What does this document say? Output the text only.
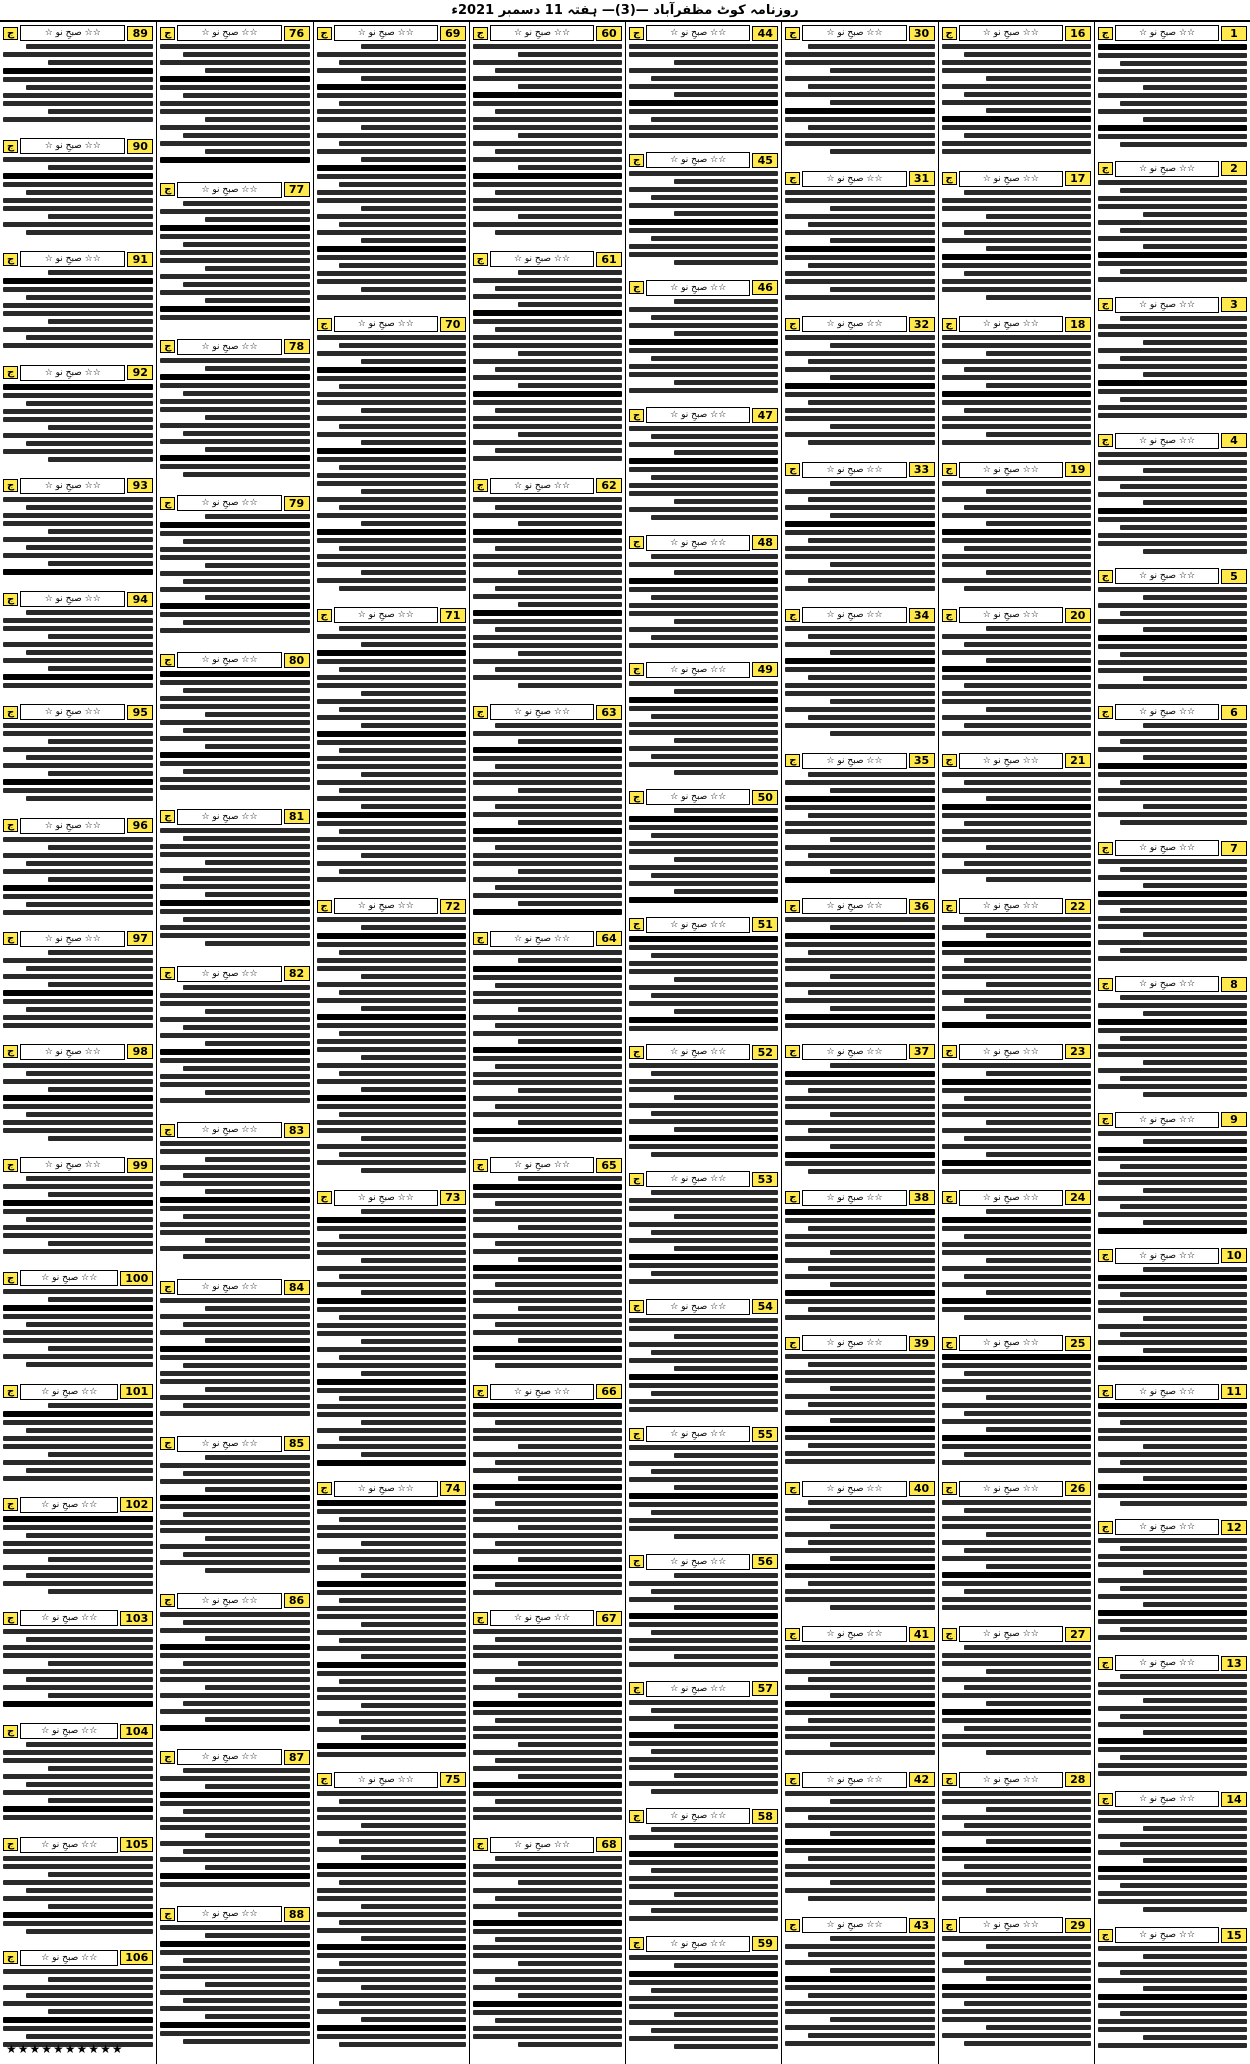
روزنامہ کوٹ مظفرآباد —(3)— ہفتہ 11 دسمبر 2021ء
1
☆☆ صبحِ نو ☆
ج
2
☆☆ صبحِ نو ☆
ج
3
☆☆ صبحِ نو ☆
ج
4
☆☆ صبحِ نو ☆
ج
5
☆☆ صبحِ نو ☆
ج
6
☆☆ صبحِ نو ☆
ج
7
☆☆ صبحِ نو ☆
ج
8
☆☆ صبحِ نو ☆
ج
9
☆☆ صبحِ نو ☆
ج
10
☆☆ صبحِ نو ☆
ج
11
☆☆ صبحِ نو ☆
ج
12
☆☆ صبحِ نو ☆
ج
13
☆☆ صبحِ نو ☆
ج
14
☆☆ صبحِ نو ☆
ج
15
☆☆ صبحِ نو ☆
ج
16
☆☆ صبحِ نو ☆
ج
17
☆☆ صبحِ نو ☆
ج
18
☆☆ صبحِ نو ☆
ج
19
☆☆ صبحِ نو ☆
ج
20
☆☆ صبحِ نو ☆
ج
21
☆☆ صبحِ نو ☆
ج
22
☆☆ صبحِ نو ☆
ج
23
☆☆ صبحِ نو ☆
ج
24
☆☆ صبحِ نو ☆
ج
25
☆☆ صبحِ نو ☆
ج
26
☆☆ صبحِ نو ☆
ج
27
☆☆ صبحِ نو ☆
ج
28
☆☆ صبحِ نو ☆
ج
29
☆☆ صبحِ نو ☆
ج
30
☆☆ صبحِ نو ☆
ج
31
☆☆ صبحِ نو ☆
ج
32
☆☆ صبحِ نو ☆
ج
33
☆☆ صبحِ نو ☆
ج
34
☆☆ صبحِ نو ☆
ج
35
☆☆ صبحِ نو ☆
ج
36
☆☆ صبحِ نو ☆
ج
37
☆☆ صبحِ نو ☆
ج
38
☆☆ صبحِ نو ☆
ج
39
☆☆ صبحِ نو ☆
ج
40
☆☆ صبحِ نو ☆
ج
41
☆☆ صبحِ نو ☆
ج
42
☆☆ صبحِ نو ☆
ج
43
☆☆ صبحِ نو ☆
ج
44
☆☆ صبحِ نو ☆
ج
45
☆☆ صبحِ نو ☆
ج
46
☆☆ صبحِ نو ☆
ج
47
☆☆ صبحِ نو ☆
ج
48
☆☆ صبحِ نو ☆
ج
49
☆☆ صبحِ نو ☆
ج
50
☆☆ صبحِ نو ☆
ج
51
☆☆ صبحِ نو ☆
ج
52
☆☆ صبحِ نو ☆
ج
53
☆☆ صبحِ نو ☆
ج
54
☆☆ صبحِ نو ☆
ج
55
☆☆ صبحِ نو ☆
ج
56
☆☆ صبحِ نو ☆
ج
57
☆☆ صبحِ نو ☆
ج
58
☆☆ صبحِ نو ☆
ج
59
☆☆ صبحِ نو ☆
ج
60
☆☆ صبحِ نو ☆
ج
61
☆☆ صبحِ نو ☆
ج
62
☆☆ صبحِ نو ☆
ج
63
☆☆ صبحِ نو ☆
ج
64
☆☆ صبحِ نو ☆
ج
65
☆☆ صبحِ نو ☆
ج
66
☆☆ صبحِ نو ☆
ج
67
☆☆ صبحِ نو ☆
ج
68
☆☆ صبحِ نو ☆
ج
69
☆☆ صبحِ نو ☆
ج
70
☆☆ صبحِ نو ☆
ج
71
☆☆ صبحِ نو ☆
ج
72
☆☆ صبحِ نو ☆
ج
73
☆☆ صبحِ نو ☆
ج
74
☆☆ صبحِ نو ☆
ج
75
☆☆ صبحِ نو ☆
ج
76
☆☆ صبحِ نو ☆
ج
77
☆☆ صبحِ نو ☆
ج
78
☆☆ صبحِ نو ☆
ج
79
☆☆ صبحِ نو ☆
ج
80
☆☆ صبحِ نو ☆
ج
81
☆☆ صبحِ نو ☆
ج
82
☆☆ صبحِ نو ☆
ج
83
☆☆ صبحِ نو ☆
ج
84
☆☆ صبحِ نو ☆
ج
85
☆☆ صبحِ نو ☆
ج
86
☆☆ صبحِ نو ☆
ج
87
☆☆ صبحِ نو ☆
ج
88
☆☆ صبحِ نو ☆
ج
89
☆☆ صبحِ نو ☆
ج
90
☆☆ صبحِ نو ☆
ج
91
☆☆ صبحِ نو ☆
ج
92
☆☆ صبحِ نو ☆
ج
93
☆☆ صبحِ نو ☆
ج
94
☆☆ صبحِ نو ☆
ج
95
☆☆ صبحِ نو ☆
ج
96
☆☆ صبحِ نو ☆
ج
97
☆☆ صبحِ نو ☆
ج
98
☆☆ صبحِ نو ☆
ج
99
☆☆ صبحِ نو ☆
ج
100
☆☆ صبحِ نو ☆
ج
101
☆☆ صبحِ نو ☆
ج
102
☆☆ صبحِ نو ☆
ج
103
☆☆ صبحِ نو ☆
ج
104
☆☆ صبحِ نو ☆
ج
105
☆☆ صبحِ نو ☆
ج
106
☆☆ صبحِ نو ☆
ج
★★★★★★★★★★
